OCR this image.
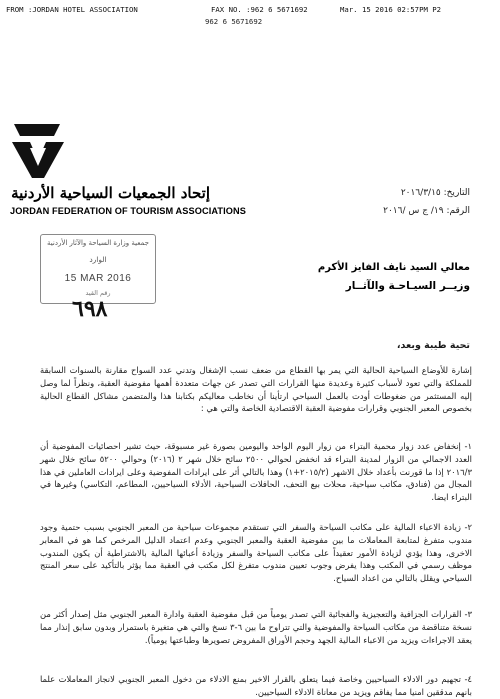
FROM :JORDAN HOTEL ASSOCIATION	FAX NO. :962 6 5671692	Mar. 15 2016 02:57PM P2
962 6 5671692
إتحاد الجمعيات السياحية الأردنية
JORDAN FEDERATION OF TOURISM ASSOCIATIONS
التاريخ: ٢٠١٦/٣/١٥
الرقم: ١٩/ ج س /٢٠١٦
جمعية وزارة السياحة والآثار الأردنية
الوارد
15 MAR 2016
رقم القيد
٦٩٨
معالي السيد نايف الفايز الأكرم
وزيــر السيـاحـة والآثــار
تحية طيبة وبعد،

إشارة للأوضاع السياحية الحالية التي يمر بها القطاع من ضعف نسب الإشغال وتدني عدد السواح مقارنة بالسنوات السابقة للمملكة والتي تعود لأسباب كثيرة وعديدة منها القرارات التي تصدر عن جهات متعددة أهمها مفوضية العقبة، ونظراً لما وصل إليه المستثمر من ضغوطات أودت بالعمل السياحي ارتأينا أن نخاطب معاليكم بكتابنا هذا والمتضمن مشاكل القطاع الحالية بخصوص المعبر الجنوبي وقرارات مفوضية العقبة الاقتصادية الخاصة والتي هي :

١- إنخفاض عدد زوار محمية البتراء من زوار اليوم الواحد واليومين بصورة غير مسبوقة، حيث تشير احصائيات المفوضية أن العدد الاجمالي من الزوار لمدينة البتراء قد انخفض لحوالي ٢٥٠٠ سائح خلال شهر ٢ (٢٠١٦) وحوالي ٥٢٠٠ سائح خلال شهر ٢٠١٦/٣ إذا ما قورنت بأعداد خلال الاشهر (٢٠١٥/٢+١) وهذا بالتالي أثر على ايرادات المفوضية وعلى ايرادات العاملين في هذا المجال من (فنادق، مكاتب سياحية، محلات بيع التحف، الحافلات السياحية، الأدلاء السياحيين، المطاعم، التكاسي) وغيرها في البتراء ايضا.

٢- زيادة الاعباء المالية على مكاتب السياحة والسفر التي تستقدم مجموعات سياحية من المعبر الجنوبي بسبب حتمية وجود مندوب متفرغ لمتابعة المعاملات ما بين مفوضية العقبة والمعبر الجنوبي وعدم اعتماد الدليل المرخص كما هو في المعابر الاخرى، وهذا يؤدي لزيادة الأمور تعقيداً على مكاتب السياحة والسفر وزيادة أعبائها المالية بالاشتراطية أن يكون المندوب موظف رسمي في المكتب وهذا يفرض وجوب تعيين مندوب متفرغ لكل مكتب في العقبة مما يؤثر بالتأكيد على سعر المنتج السياحي ويقلل بالتالي من اعداد السياح.

٣- القرارات الجزافية والتعجيزية والفجائية التي تصدر يومياً من قبل مفوضية العقبة وادارة المعبر الجنوبي مثل إصدار أكثر من نسخة متناقضة من مكاتب السياحة والمفوضية والتي تتراوح ما بين ٦-٣ نسخ والتي هي متغيرة باستمرار وبدون سابق إنذار مما يعقد الاجراءات ويزيد من الاعباء المالية الجهد وحجم الأوراق المفروض تصويرها وطباعتها يومياً).

٤- تجهيم دور الادلاء السياحيين وخاصة فيما يتعلق بالقرار الاخير بمنع الادلاء من دخول المعبر الجنوبي لانجاز المعاملات علما بانهم مدققين امنيا مما يفاقم ويزيد من معاناة الادلاء السياحيين.
